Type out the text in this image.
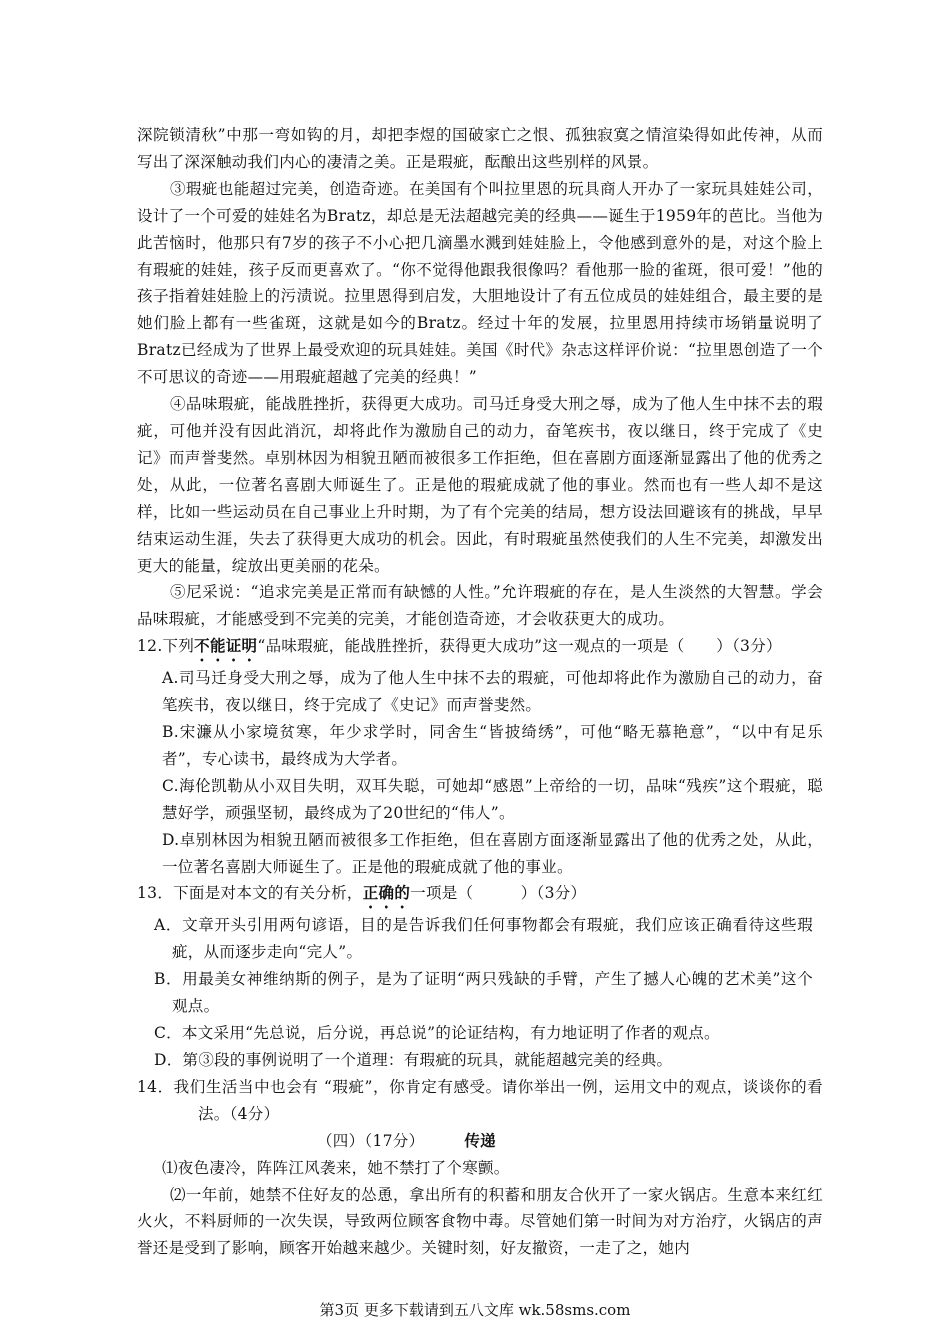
深院锁清秋”中那一弯如钩的月，却把李煜的国破家亡之恨、孤独寂寞之情渲染得如此传神，从而写出了深深触动我们内心的凄清之美。正是瑕疵，酝酿出这些别样的风景。

③瑕疵也能超过完美，创造奇迹。在美国有个叫拉里恩的玩具商人开办了一家玩具娃娃公司，设计了一个可爱的娃娃名为Bratz，却总是无法超越完美的经典——诞生于1959年的芭比。当他为此苦恼时，他那只有7岁的孩子不小心把几滴墨水溅到娃娃脸上，令他感到意外的是，对这个脸上有瑕疵的娃娃，孩子反而更喜欢了。“你不觉得他跟我很像吗？看他那一脸的雀斑，很可爱！”他的孩子指着娃娃脸上的污渍说。拉里恩得到启发，大胆地设计了有五位成员的娃娃组合，最主要的是她们脸上都有一些雀斑，这就是如今的Bratz。经过十年的发展，拉里恩用持续市场销量说明了Bratz已经成为了世界上最受欢迎的玩具娃娃。美国《时代》杂志这样评价说：“拉里恩创造了一个不可思议的奇迹——用瑕疵超越了完美的经典！”

④品味瑕疵，能战胜挫折，获得更大成功。司马迁身受大刑之辱，成为了他人生中抹不去的瑕疵，可他并没有因此消沉，却将此作为激励自己的动力，奋笔疾书，夜以继日，终于完成了《史记》而声誉斐然。卓别林因为相貌丑陋而被很多工作拒绝，但在喜剧方面逐渐显露出了他的优秀之处，从此，一位著名喜剧大师诞生了。正是他的瑕疵成就了他的事业。然而也有一些人却不是这样，比如一些运动员在自己事业上升时期，为了有个完美的结局，想方设法回避该有的挑战，早早结束运动生涯，失去了获得更大成功的机会。因此，有时瑕疵虽然使我们的人生不完美，却激发出更大的能量，绽放出更美丽的花朵。

⑤尼采说：“追求完美是正常而有缺憾的人性。”允许瑕疵的存在，是人生淡然的大智慧。学会品味瑕疵，才能感受到不完美的完美，才能创造奇迹，才会收获更大的成功。

12.下列不能证明“品味瑕疵，能战胜挫折，获得更大成功”这一观点的一项是（　　）（3分）

A.司马迁身受大刑之辱，成为了他人生中抹不去的瑕疵，可他却将此作为激励自己的动力，奋笔疾书，夜以继日，终于完成了《史记》而声誉斐然。

B.宋濂从小家境贫寒，年少求学时，同舍生“皆披绮绣”，可他“略无慕艳意”，“以中有足乐者”，专心读书，最终成为大学者。

C.海伦凯勒从小双目失明，双耳失聪，可她却“感恩”上帝给的一切，品味“残疾”这个瑕疵，聪慧好学，顽强坚韧，最终成为了20世纪的“伟人”。

D.卓别林因为相貌丑陋而被很多工作拒绝，但在喜剧方面逐渐显露出了他的优秀之处，从此，一位著名喜剧大师诞生了。正是他的瑕疵成就了他的事业。

13．下面是对本文的有关分析，正确的一项是（　　　）（3分）

A．文章开头引用两句谚语，目的是告诉我们任何事物都会有瑕疵，我们应该正确看待这些瑕疵，从而逐步走向“完人”。

B．用最美女神维纳斯的例子，是为了证明“两只残缺的手臂，产生了撼人心魄的艺术美”这个观点。

C．本文采用“先总说，后分说，再总说”的论证结构，有力地证明了作者的观点。

D．第③段的事例说明了一个道理：有瑕疵的玩具，就能超越完美的经典。

14．我们生活当中也会有 “瑕疵”，你肯定有感受。请你举出一例，运用文中的观点，谈谈你的看法。（4分）

（四）（17分）	传递

⑴夜色凄冷，阵阵江风袭来，她不禁打了个寒颤。

⑵一年前，她禁不住好友的怂恿，拿出所有的积蓄和朋友合伙开了一家火锅店。生意本来红红火火，不料厨师的一次失误，导致两位顾客食物中毒。尽管她们第一时间为对方治疗，火锅店的声誉还是受到了影响，顾客开始越来越少。关键时刻，好友撤资，一走了之，她内

第3页 更多下载请到五八文库 wk.58sms.com
